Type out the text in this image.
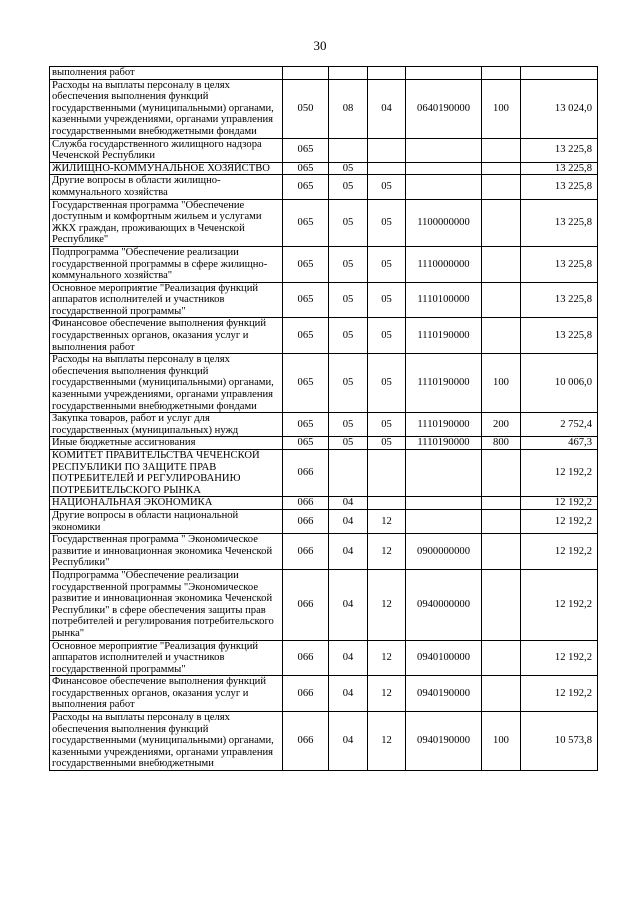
30
выполнения работ						
Расходы на выплаты персоналу в целях обеспечения выполнения функций государственными (муниципальными) органами, казенными учреждениями, органами управления государственными внебюджетными фондами	050	08	04	0640190000	100	13 024,0
Служба государственного жилищного надзора Чеченской Республики	065					13 225,8
ЖИЛИЩНО-КОММУНАЛЬНОЕ ХОЗЯЙСТВО	065	05				13 225,8
Другие вопросы в области жилищно-коммунального хозяйства	065	05	05			13 225,8
Государственная программа "Обеспечение доступным и комфортным жильем и услугами ЖКХ граждан, проживающих в Чеченской Республике"	065	05	05	1100000000		13 225,8
Подпрограмма "Обеспечение реализации государственной программы в сфере жилищно-коммунального хозяйства"	065	05	05	1110000000		13 225,8
Основное мероприятие "Реализация функций аппаратов исполнителей и участников государственной программы"	065	05	05	1110100000		13 225,8
Финансовое обеспечение выполнения функций государственных органов, оказания услуг и выполнения работ	065	05	05	1110190000		13 225,8
Расходы на выплаты персоналу в целях обеспечения выполнения функций государственными (муниципальными) органами, казенными учреждениями, органами управления государственными внебюджетными фондами	065	05	05	1110190000	100	10 006,0
Закупка товаров, работ и услуг для государственных (муниципальных) нужд	065	05	05	1110190000	200	2 752,4
Иные бюджетные ассигнования	065	05	05	1110190000	800	467,3
КОМИТЕТ ПРАВИТЕЛЬСТВА ЧЕЧЕНСКОЙ РЕСПУБЛИКИ ПО ЗАЩИТЕ ПРАВ ПОТРЕБИТЕЛЕЙ И РЕГУЛИРОВАНИЮ ПОТРЕБИТЕЛЬСКОГО РЫНКА	066					12 192,2
НАЦИОНАЛЬНАЯ ЭКОНОМИКА	066	04				12 192,2
Другие вопросы в области национальной экономики	066	04	12			12 192,2
Государственная программа " Экономическое развитие и инновационная экономика Чеченской Республики"	066	04	12	0900000000		12 192,2
Подпрограмма "Обеспечение реализации государственной программы "Экономическое развитие и инновационная экономика Чеченской Республики" в сфере обеспечения защиты прав потребителей и регулирования потребительского рынка"	066	04	12	0940000000		12 192,2
Основное мероприятие "Реализация функций аппаратов исполнителей и участников государственной программы"	066	04	12	0940100000		12 192,2
Финансовое обеспечение выполнения функций государственных органов, оказания услуг и выполнения работ	066	04	12	0940190000		12 192,2
Расходы на выплаты персоналу в целях обеспечения выполнения функций государственными (муниципальными) органами, казенными учреждениями, органами управления государственными внебюджетными	066	04	12	0940190000	100	10 573,8
